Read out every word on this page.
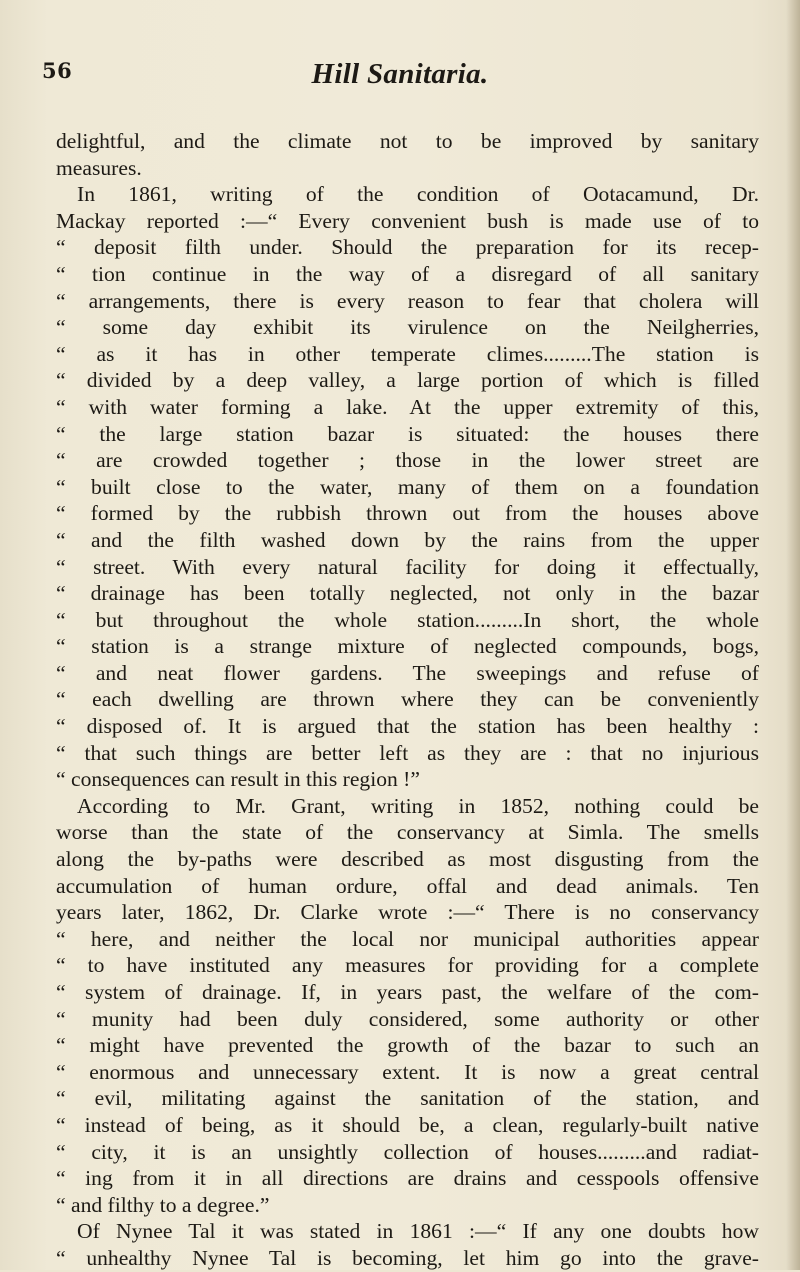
56	Hill Sanitaria.
delightful, and the climate not to be improved by sanitary
measures.
In 1861, writing of the condition of Ootacamund, Dr.
Mackay reported :—“ Every convenient bush is made use of to
“ deposit filth under. Should the preparation for its recep-
“ tion continue in the way of a disregard of all sanitary
“ arrangements, there is every reason to fear that cholera will
“ some day exhibit its virulence on the Neilgherries,
“ as it has in other temperate climes.........The station is
“ divided by a deep valley, a large portion of which is filled
“ with water forming a lake. At the upper extremity of this,
“ the large station bazar is situated: the houses there
“ are crowded together ; those in the lower street are
“ built close to the water, many of them on a foundation
“ formed by the rubbish thrown out from the houses above
“ and the filth washed down by the rains from the upper
“ street. With every natural facility for doing it effectually,
“ drainage has been totally neglected, not only in the bazar
“ but throughout the whole station.........In short, the whole
“ station is a strange mixture of neglected compounds, bogs,
“ and neat flower gardens. The sweepings and refuse of
“ each dwelling are thrown where they can be conveniently
“ disposed of. It is argued that the station has been healthy :
“ that such things are better left as they are : that no injurious
“ consequences can result in this region !”
According to Mr. Grant, writing in 1852, nothing could be
worse than the state of the conservancy at Simla. The smells
along the by-paths were described as most disgusting from the
accumulation of human ordure, offal and dead animals. Ten
years later, 1862, Dr. Clarke wrote :—“ There is no conservancy
“ here, and neither the local nor municipal authorities appear
“ to have instituted any measures for providing for a complete
“ system of drainage. If, in years past, the welfare of the com-
“ munity had been duly considered, some authority or other
“ might have prevented the growth of the bazar to such an
“ enormous and unnecessary extent. It is now a great central
“ evil, militating against the sanitation of the station, and
“ instead of being, as it should be, a clean, regularly-built native
“ city, it is an unsightly collection of houses.........and radiat-
“ ing from it in all directions are drains and cesspools offensive
“ and filthy to a degree.”
Of Nynee Tal it was stated in 1861 :—“ If any one doubts how
“ unhealthy Nynee Tal is becoming, let him go into the grave-
